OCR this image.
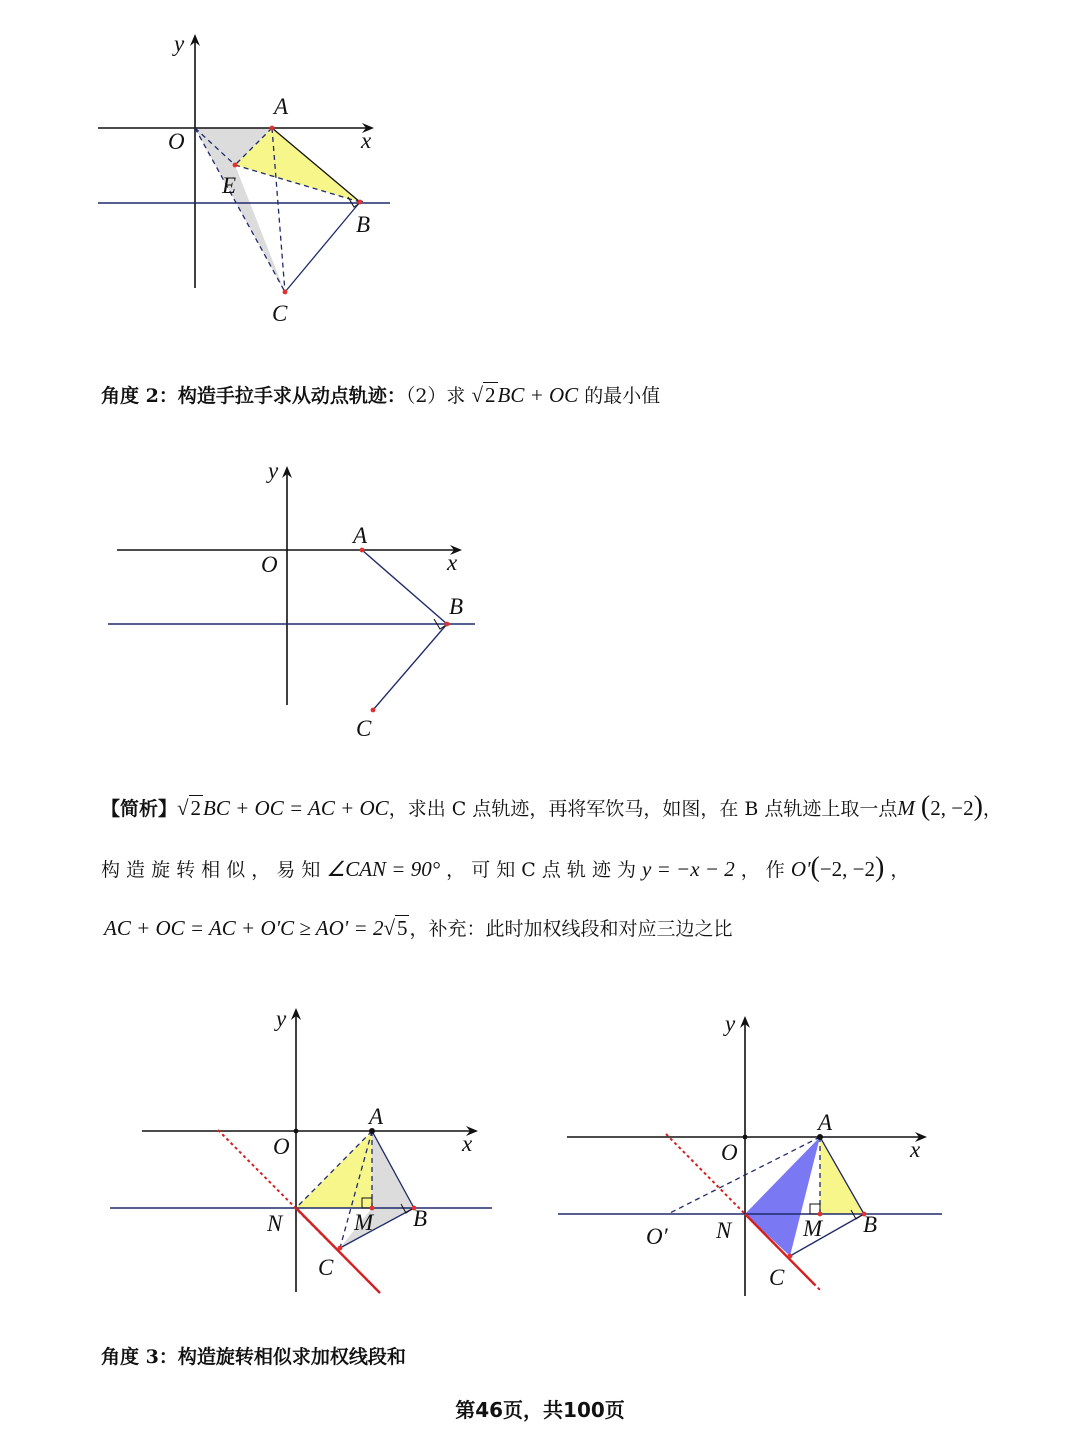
y
x
O
A
E
B
C
角度 2：构造手拉手求从动点轨迹：（2）求 √2BC + OC 的最小值
y
x
O
A
B
C
【简析】√2BC + OC = AC + OC，求出 C 点轨迹，再将军饮马，如图，在 B 点轨迹上取一点M (2, −2)，
构 造 旋 转 相 似 ， 易 知 ∠CAN = 90° ， 可 知 C 点 轨 迹 为 y = −x − 2 ， 作 O'(−2, −2) ，
AC + OC = AC + O'C ≥ AO' = 2√5 ，补充：此时加权线段和对应三边之比
y
x
O
A
N	M B
C
y
x
O
A
N	M B
C
O′
角度 3：构造旋转相似求加权线段和
第46页，共100页
